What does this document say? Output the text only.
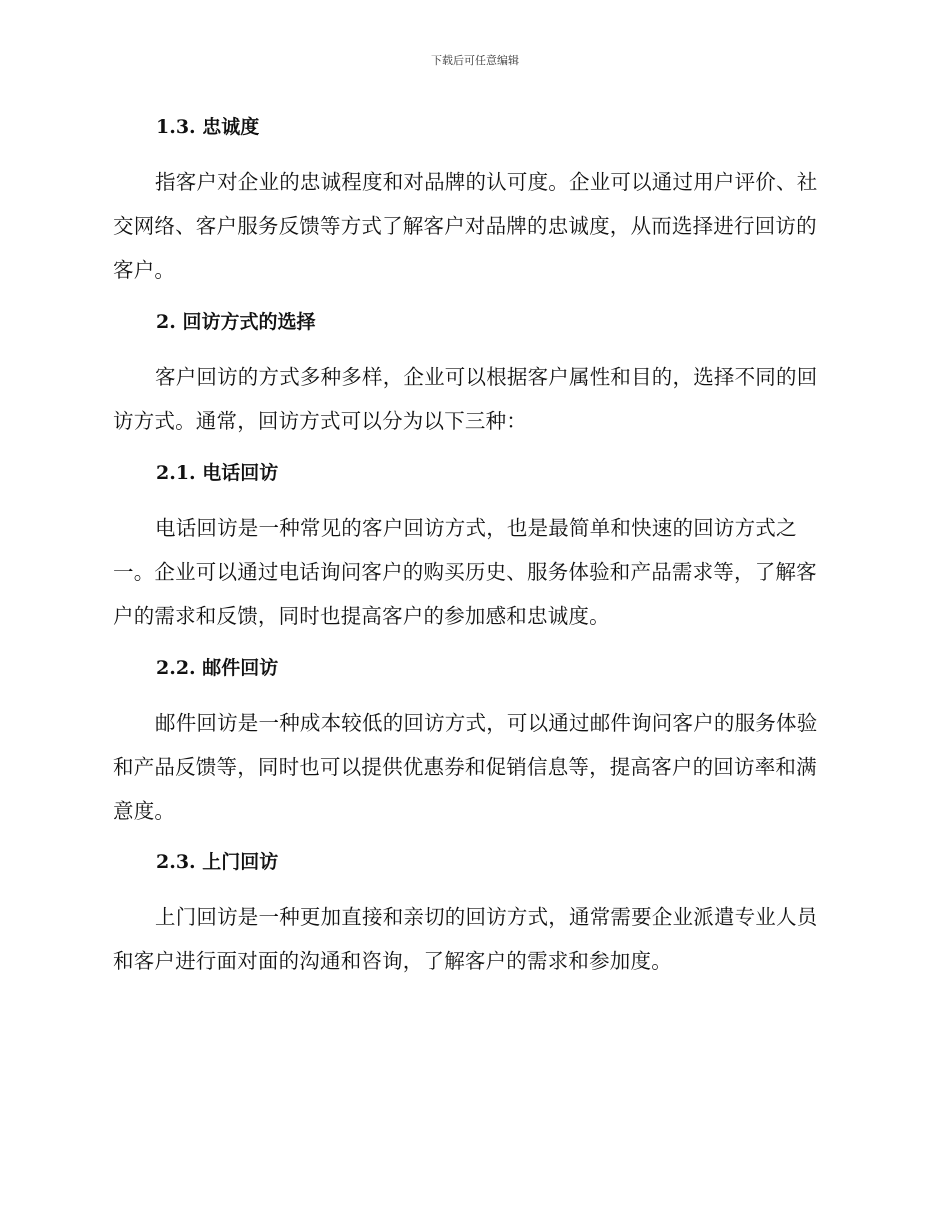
下载后可任意编辑
1.3. 忠诚度

指客户对企业的忠诚程度和对品牌的认可度。企业可以通过用户评价、社交网络、客户服务反馈等方式了解客户对品牌的忠诚度，从而选择进行回访的客户。

2. 回访方式的选择

客户回访的方式多种多样，企业可以根据客户属性和目的，选择不同的回访方式。通常，回访方式可以分为以下三种：

2.1. 电话回访

电话回访是一种常见的客户回访方式，也是最简单和快速的回访方式之一。企业可以通过电话询问客户的购买历史、服务体验和产品需求等，了解客户的需求和反馈，同时也提高客户的参加感和忠诚度。

2.2. 邮件回访

邮件回访是一种成本较低的回访方式，可以通过邮件询问客户的服务体验和产品反馈等，同时也可以提供优惠券和促销信息等，提高客户的回访率和满意度。

2.3. 上门回访

上门回访是一种更加直接和亲切的回访方式，通常需要企业派遣专业人员和客户进行面对面的沟通和咨询，了解客户的需求和参加度。
